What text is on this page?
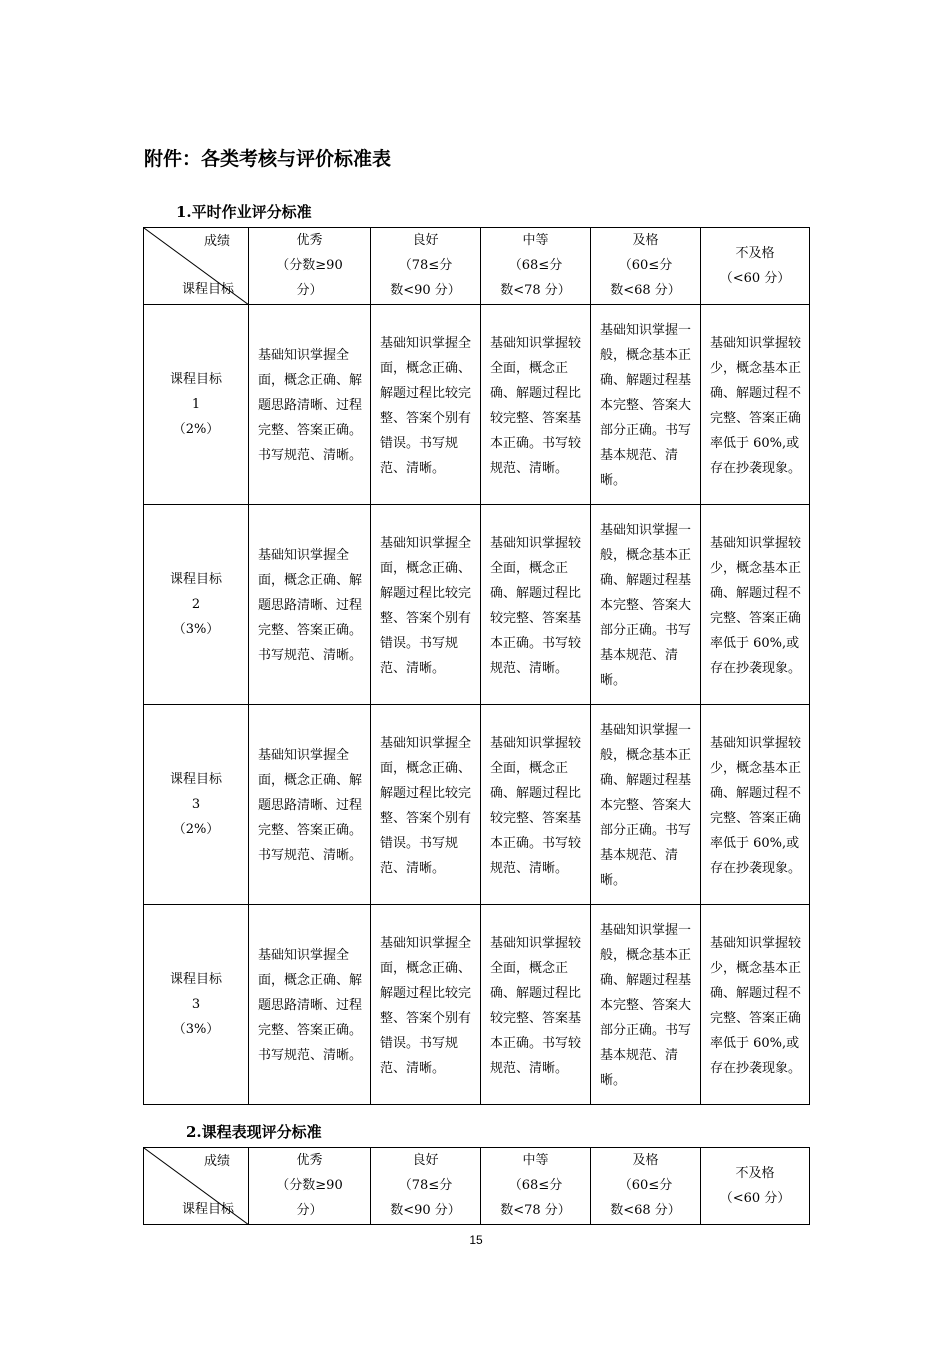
附件：各类考核与评价标准表
1.平时作业评分标准
成绩
课程目标	优秀
（分数≥90
分）	良好
（78≤分
数<90 分）	中等
（68≤分
数<78 分）	及格
（60≤分
数<68 分）	不及格
（<60 分）
课程目标
1
（2%）	基础知识掌握全面，概念正确、解题思路清晰、过程完整、答案正确。书写规范、清晰。	基础知识掌握全面，概念正确、解题过程比较完整、答案个别有错误。书写规范、清晰。	基础知识掌握较全面，概念正确、解题过程比较完整、答案基本正确。书写较规范、清晰。	基础知识掌握一般，概念基本正确、解题过程基本完整、答案大部分正确。书写基本规范、清晰。	基础知识掌握较少，概念基本正确、解题过程不完整、答案正确率低于 60%,或存在抄袭现象。
课程目标
2
（3%）	基础知识掌握全面，概念正确、解题思路清晰、过程完整、答案正确。书写规范、清晰。	基础知识掌握全面，概念正确、解题过程比较完整、答案个别有错误。书写规范、清晰。	基础知识掌握较全面，概念正确、解题过程比较完整、答案基本正确。书写较规范、清晰。	基础知识掌握一般，概念基本正确、解题过程基本完整、答案大部分正确。书写基本规范、清晰。	基础知识掌握较少，概念基本正确、解题过程不完整、答案正确率低于 60%,或存在抄袭现象。
课程目标
3
（2%）	基础知识掌握全面，概念正确、解题思路清晰、过程完整、答案正确。书写规范、清晰。	基础知识掌握全面，概念正确、解题过程比较完整、答案个别有错误。书写规范、清晰。	基础知识掌握较全面，概念正确、解题过程比较完整、答案基本正确。书写较规范、清晰。	基础知识掌握一般，概念基本正确、解题过程基本完整、答案大部分正确。书写基本规范、清晰。	基础知识掌握较少，概念基本正确、解题过程不完整、答案正确率低于 60%,或存在抄袭现象。
课程目标
3
（3%）	基础知识掌握全面，概念正确、解题思路清晰、过程完整、答案正确。书写规范、清晰。	基础知识掌握全面，概念正确、解题过程比较完整、答案个别有错误。书写规范、清晰。	基础知识掌握较全面，概念正确、解题过程比较完整、答案基本正确。书写较规范、清晰。	基础知识掌握一般，概念基本正确、解题过程基本完整、答案大部分正确。书写基本规范、清晰。	基础知识掌握较少，概念基本正确、解题过程不完整、答案正确率低于 60%,或存在抄袭现象。
2.课程表现评分标准
成绩
课程目标
	优秀
（分数≥90
分）	良好
（78≤分
数<90 分）	中等
（68≤分
数<78 分）	及格
（60≤分
数<68 分）	不及格
（<60 分）
15
